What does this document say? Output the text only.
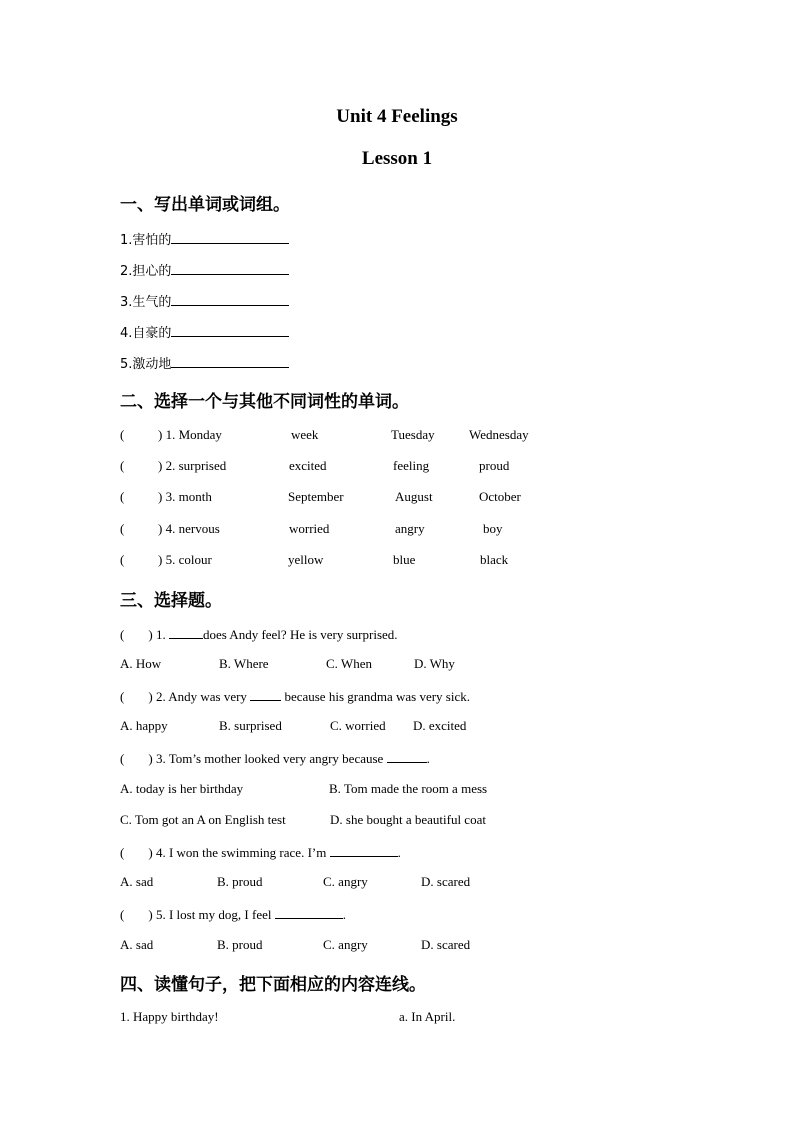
Unit 4 Feelings
Lesson 1
一、写出单词或词组。
1.害怕的
2.担心的
3.生气的
4.自豪的
5.激动地
二、选择一个与其他不同词性的单词。
(	) 1. Monday	week	Tuesday	Wednesday
(	) 2. surprised	excited	feeling	proud
(	) 3. month	September	August	October
(	) 4. nervous	worried	angry	boy
(	) 5. colour	yellow	blue	black
三、选择题。
( ) 1.	does Andy feel? He is very surprised.
A. How	B. Where	C. When	D. Why
( ) 2. Andy was very	because his grandma was very sick.
A. happy	B. surprised	C. worried D. excited
( ) 3. Tom’s mother looked very angry because	.
A. today is her birthday	B. Tom made the room a mess
C. Tom got an A on English test	D. she bought a beautiful coat
( ) 4. I won the swimming race. I’m	.
A. sad	B. proud	C. angry	D. scared
( ) 5. I lost my dog, I feel	.
A. sad	B. proud	C. angry	D. scared
四、读懂句子，把下面相应的内容连线。
1. Happy birthday!	a. In April.
